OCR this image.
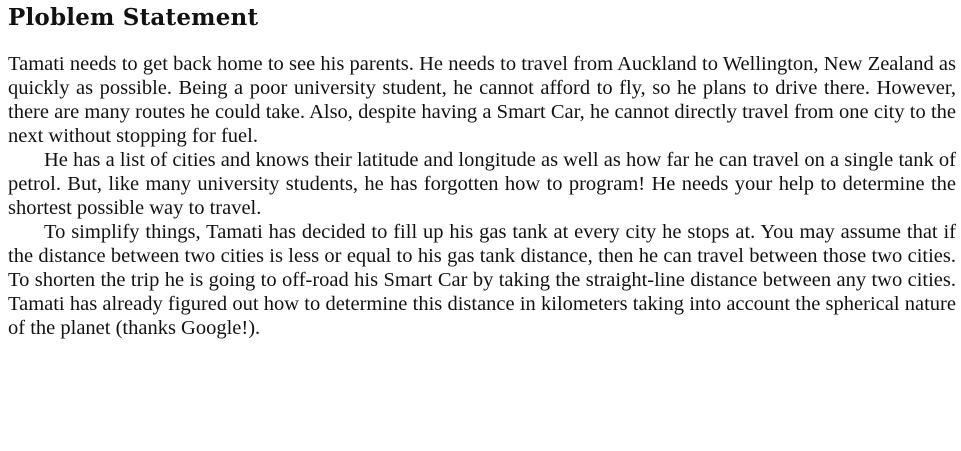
Ploblem Statement

Tamati needs to get back home to see his parents. He needs to travel from Auckland to Wellington, New Zealand as quickly as possible. Being a poor university student, he cannot afford to fly, so he plans to drive there. However, there are many routes he could take. Also, despite having a Smart Car, he cannot directly travel from one city to the next without stopping for fuel.

He has a list of cities and knows their latitude and longitude as well as how far he can travel on a single tank of petrol. But, like many university students, he has forgotten how to program! He needs your help to determine the shortest possible way to travel.

To simplify things, Tamati has decided to fill up his gas tank at every city he stops at. You may assume that if the distance between two cities is less or equal to his gas tank distance, then he can travel between those two cities. To shorten the trip he is going to off-road his Smart Car by taking the straight-line distance between any two cities. Tamati has already figured out how to determine this distance in kilometers taking into account the spherical nature of the planet (thanks Google!).
